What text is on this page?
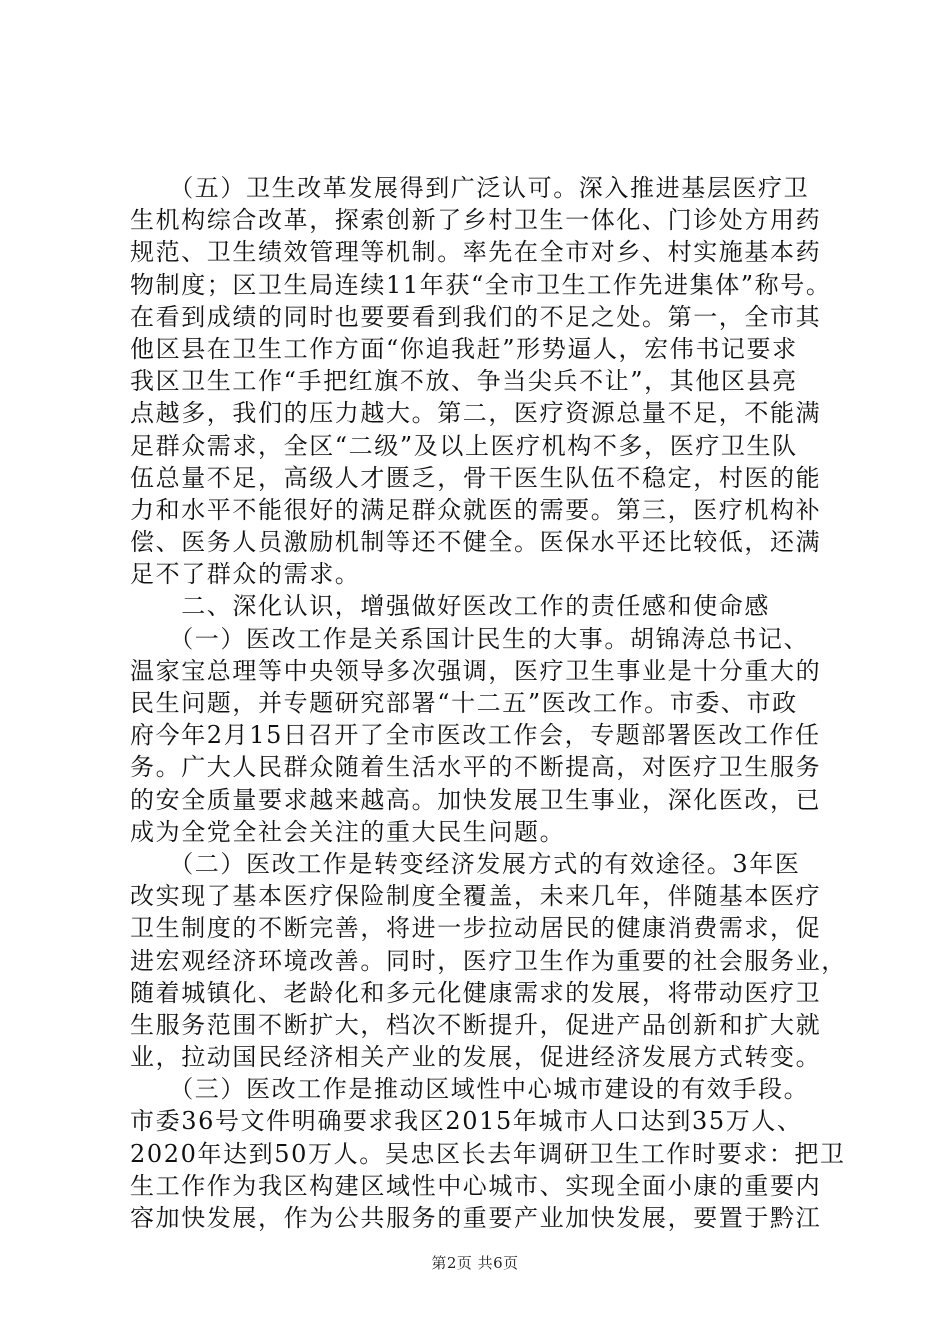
　　（五）卫生改革发展得到广泛认可。深入推进基层医疗卫
生机构综合改革，探索创新了乡村卫生一体化、门诊处方用药
规范、卫生绩效管理等机制。率先在全市对乡、村实施基本药
物制度；区卫生局连续11年获“全市卫生工作先进集体”称号。
在看到成绩的同时也要要看到我们的不足之处。第一，全市其
他区县在卫生工作方面“你追我赶”形势逼人，宏伟书记要求
我区卫生工作“手把红旗不放、争当尖兵不让”，其他区县亮
点越多，我们的压力越大。第二，医疗资源总量不足，不能满
足群众需求，全区“二级”及以上医疗机构不多，医疗卫生队
伍总量不足，高级人才匮乏，骨干医生队伍不稳定，村医的能
力和水平不能很好的满足群众就医的需要。第三，医疗机构补
偿、医务人员激励机制等还不健全。医保水平还比较低，还满
足不了群众的需求。
　　二、深化认识，增强做好医改工作的责任感和使命感
　　（一）医改工作是关系国计民生的大事。胡锦涛总书记、
温家宝总理等中央领导多次强调，医疗卫生事业是十分重大的
民生问题，并专题研究部署“十二五”医改工作。市委、市政
府今年2月15日召开了全市医改工作会，专题部署医改工作任
务。广大人民群众随着生活水平的不断提高，对医疗卫生服务
的安全质量要求越来越高。加快发展卫生事业，深化医改，已
成为全党全社会关注的重大民生问题。
　　（二）医改工作是转变经济发展方式的有效途径。3年医
改实现了基本医疗保险制度全覆盖，未来几年，伴随基本医疗
卫生制度的不断完善，将进一步拉动居民的健康消费需求，促
进宏观经济环境改善。同时，医疗卫生作为重要的社会服务业，
随着城镇化、老龄化和多元化健康需求的发展，将带动医疗卫
生服务范围不断扩大，档次不断提升，促进产品创新和扩大就
业，拉动国民经济相关产业的发展，促进经济发展方式转变。
　　（三）医改工作是推动区域性中心城市建设的有效手段。
市委36号文件明确要求我区2015年城市人口达到35万人、
2020年达到50万人。吴忠区长去年调研卫生工作时要求：把卫
生工作作为我区构建区域性中心城市、实现全面小康的重要内
容加快发展，作为公共服务的重要产业加快发展，要置于黔江
第2页 共6页
